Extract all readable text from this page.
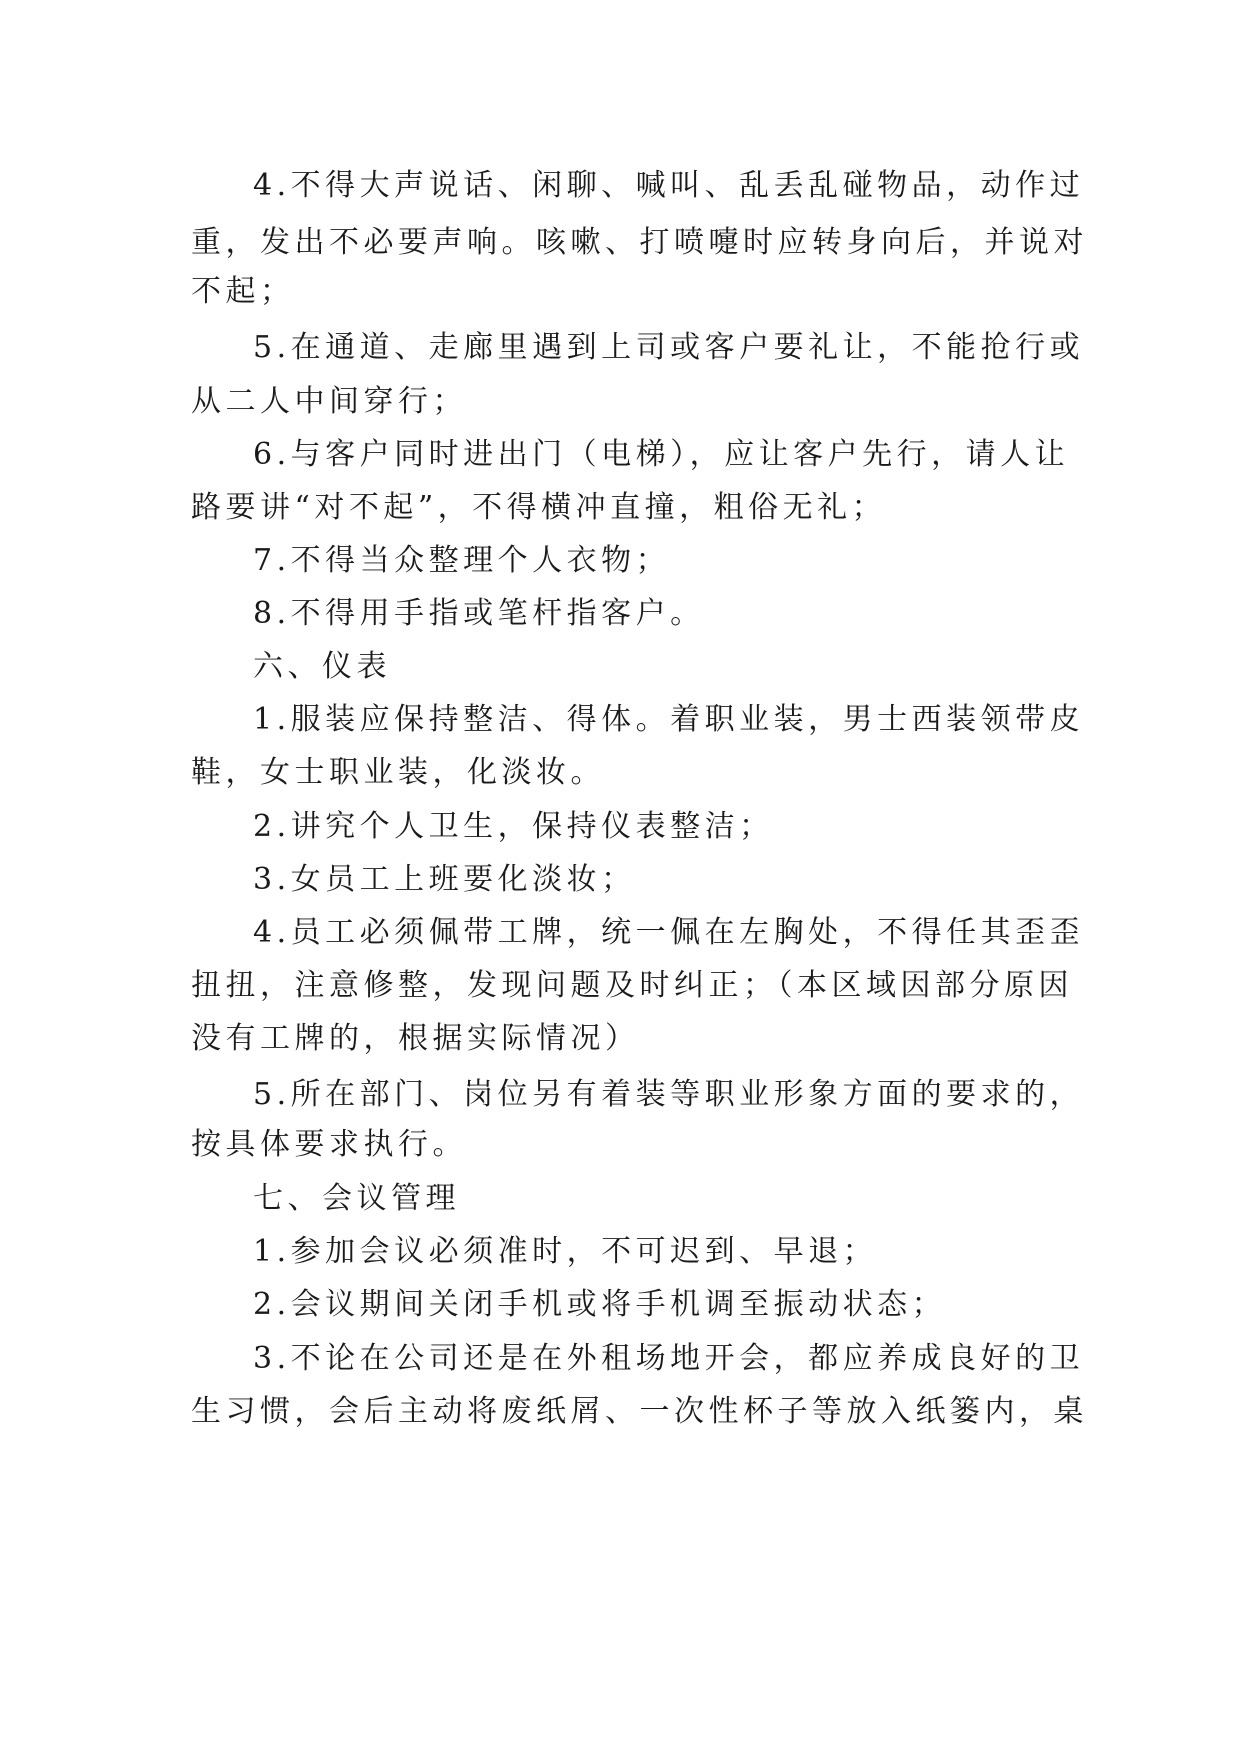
4.不得大声说话、闲聊、喊叫、乱丢乱碰物品，动作过
重，发出不必要声响。咳嗽、打喷嚏时应转身向后，并说对
不起；
5.在通道、走廊里遇到上司或客户要礼让，不能抢行或
从二人中间穿行；
6.与客户同时进出门（电梯），应让客户先行，请人让
路要讲“对不起”，不得横冲直撞，粗俗无礼；
7.不得当众整理个人衣物；
8.不得用手指或笔杆指客户。
六、仪表
1.服装应保持整洁、得体。着职业装，男士西装领带皮
鞋，女士职业装，化淡妆。
2.讲究个人卫生，保持仪表整洁；
3.女员工上班要化淡妆；
4.员工必须佩带工牌，统一佩在左胸处，不得任其歪歪
扭扭，注意修整，发现问题及时纠正；（本区域因部分原因
没有工牌的，根据实际情况）
5.所在部门、岗位另有着装等职业形象方面的要求的，
按具体要求执行。
七、会议管理
1.参加会议必须准时，不可迟到、早退；
2.会议期间关闭手机或将手机调至振动状态；
3.不论在公司还是在外租场地开会，都应养成良好的卫
生习惯，会后主动将废纸屑、一次性杯子等放入纸篓内，桌
